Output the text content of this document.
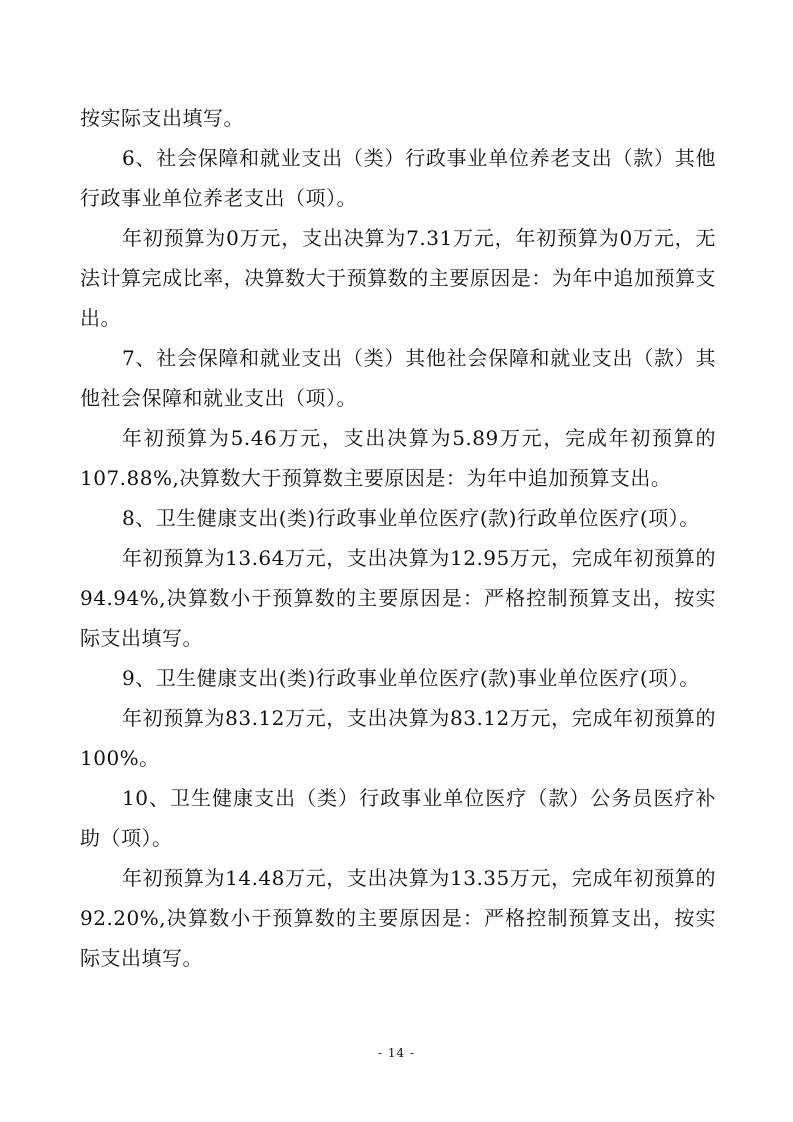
按实际支出填写。

6、社会保障和就业支出（类）行政事业单位养老支出（款）其他行政事业单位养老支出（项）。

年初预算为0万元，支出决算为7.31万元，年初预算为0万元，无法计算完成比率，决算数大于预算数的主要原因是：为年中追加预算支出。

7、社会保障和就业支出（类）其他社会保障和就业支出（款）其他社会保障和就业支出（项）。

年初预算为5.46万元，支出决算为5.89万元，完成年初预算的107.88%,决算数大于预算数主要原因是：为年中追加预算支出。

8、卫生健康支出(类)行政事业单位医疗(款)行政单位医疗(项）。

年初预算为13.64万元，支出决算为12.95万元，完成年初预算的94.94%,决算数小于预算数的主要原因是：严格控制预算支出，按实际支出填写。

9、卫生健康支出(类)行政事业单位医疗(款)事业单位医疗(项）。

年初预算为83.12万元，支出决算为83.12万元，完成年初预算的100%。

10、卫生健康支出（类）行政事业单位医疗（款）公务员医疗补助（项）。

年初预算为14.48万元，支出决算为13.35万元，完成年初预算的92.20%,决算数小于预算数的主要原因是：严格控制预算支出，按实际支出填写。

- 14 -
